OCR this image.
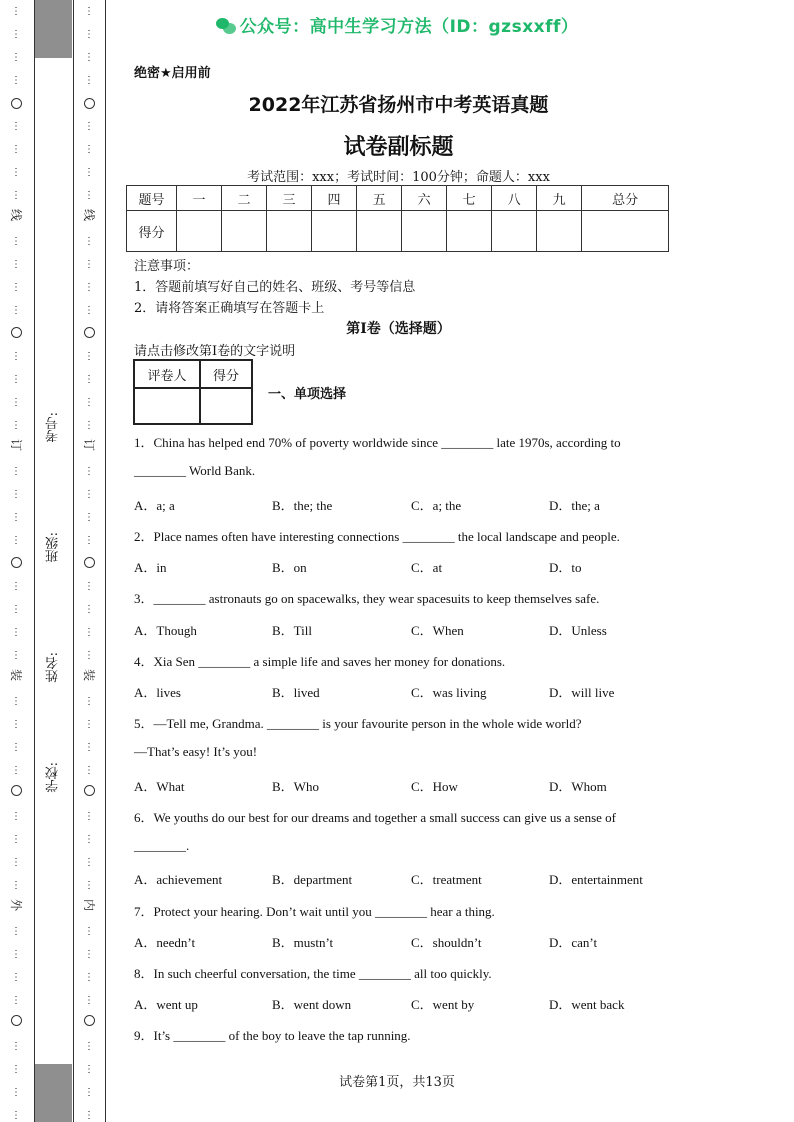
⋮
⋮
⋮
⋮
⋮
⋮
⋮
⋮
⋮
⋮
⋮
⋮
⋮
⋮
⋮
⋮
⋮
⋮
⋮
⋮
⋮
⋮
⋮
⋮
⋮
⋮
⋮
⋮
⋮
⋮
⋮
⋮
⋮
⋮
⋮
⋮
⋮
⋮
⋮
⋮
线
订
装
外
⋮
⋮
⋮
⋮
⋮
⋮
⋮
⋮
⋮
⋮
⋮
⋮
⋮
⋮
⋮
⋮
⋮
⋮
⋮
⋮
⋮
⋮
⋮
⋮
⋮
⋮
⋮
⋮
⋮
⋮
⋮
⋮
⋮
⋮
⋮
⋮
⋮
⋮
⋮
⋮
线
订
装
内
考号:
班级:
姓名:
学校:
公众号：高中生学习方法（ID：gzsxxff）
绝密★启用前
2022年江苏省扬州市中考英语真题
试卷副标题
考试范围：xxx；考试时间：100分钟；命题人：xxx
题号	一	二	三	四	五	六	七	八	九	总分
得分										
注意事项：
1．答题前填写好自己的姓名、班级、考号等信息
2．请将答案正确填写在答题卡上
第I卷（选择题）
请点击修改第I卷的文字说明
评卷人	得分

一、单项选择
1．China has helped end 70% of poverty worldwide since ________ late 1970s, according to
________ World Bank.
A．a; a	B．the; the	C．a; the	D．the; a
2．Place names often have interesting connections ________ the local landscape and people.
A．in	B．on	C．at	D．to
3．________ astronauts go on spacewalks, they wear spacesuits to keep themselves safe.
A．Though	B．Till	C．When	D．Unless
4．Xia Sen ________ a simple life and saves her money for donations.
A．lives	B．lived	C．was living	D．will live
5．—Tell me, Grandma. ________ is your favourite person in the whole wide world?
—That’s easy! It’s you!
A．What	B．Who	C．How	D．Whom
6．We youths do our best for our dreams and together a small success can give us a sense of
________.
A．achievement	B．department	C．treatment	D．entertainment
7．Protect your hearing. Don’t wait until you ________ hear a thing.
A．needn’t	B．mustn’t	C．shouldn’t	D．can’t
8．In such cheerful conversation, the time ________ all too quickly.
A．went up	B．went down	C．went by	D．went back
9．It’s ________ of the boy to leave the tap running.
试卷第1页，共13页
